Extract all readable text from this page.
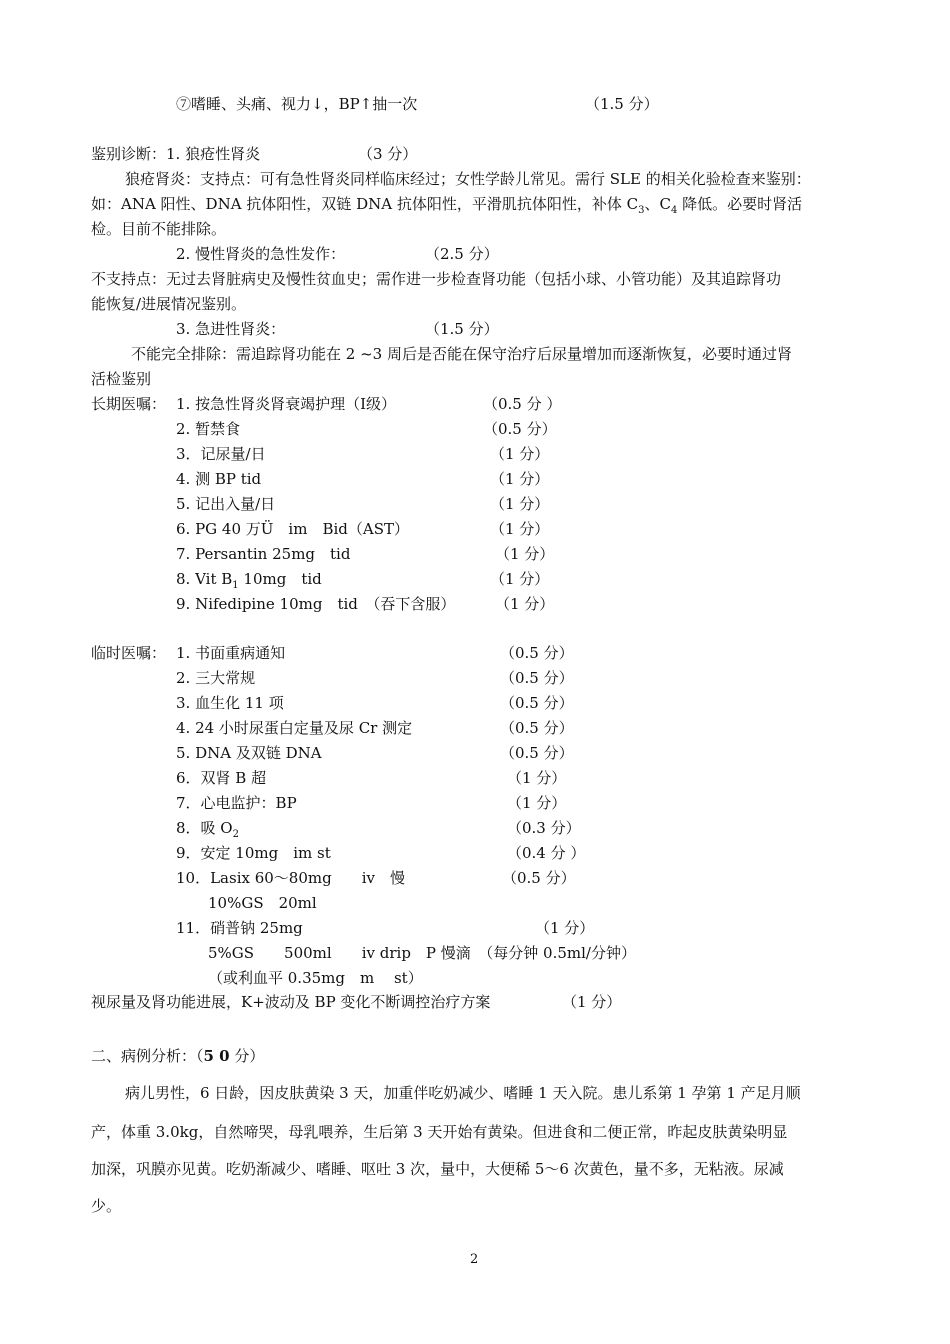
⑦嗜睡、头痛、视力↓，BP↑抽一次	（1.5 分）
鉴别诊断：1. 狼疮性肾炎	（3 分）
狼疮肾炎：支持点：可有急性肾炎同样临床经过；女性学龄儿常见。需行 SLE 的相关化验检查来鉴别：
如：ANA 阳性、DNA 抗体阳性，双链 DNA 抗体阳性，平滑肌抗体阳性，补体 $C_3$、$C_4$ 降低。必要时肾活
检。目前不能排除。
2. 慢性肾炎的急性发作：	（2.5 分）
不支持点：无过去肾脏病史及慢性贫血史；需作进一步检查肾功能（包括小球、小管功能）及其追踪肾功
能恢复/进展情况鉴别。
3. 急进性肾炎：	（1.5 分）
不能完全排除：需追踪肾功能在 2 ~3 周后是否能在保守治疗后尿量增加而逐渐恢复，必要时通过肾
活检鉴别
长期医嘱： 1. 按急性肾炎肾衰竭护理（Ⅰ级）	（0.5 分 ）
2. 暂禁食	（0.5 分）
3．记尿量/日	（1 分）
4. 测 BP tid	（1 分）
5. 记出入量/日	（1 分）
6. PG 40 万Ü　im　Bid（AST）	（1 分）
7. Persantin 25mg　tid	（1 分）
8. Vit $B_1$ 10mg　tid	（1 分）
9. Nifedipine 10mg　tid　（吞下含服）	（1 分）
临时医嘱： 1. 书面重病通知	（0.5 分）
2. 三大常规	（0.5 分）
3. 血生化 11 项	（0.5 分）
4. 24 小时尿蛋白定量及尿 Cr 测定	（0.5 分）
5. DNA 及双链 DNA	（0.5 分）
6．双肾 B 超	（1 分）
7．心电监护：BP	（1 分）
8．吸 $O_2$	（0.3 分）
9．安定 10mg　im st	（0.4 分 ）
10．Lasix 60～80mg　　iv　慢	（0.5 分）
10%GS　20ml
11．硝普钠 25mg	（1 分）
5%GS　　500ml　　iv drip　P 慢滴　（每分钟 0.5ml/分钟）
（或利血平 0.35mg　m　 st）
视尿量及肾功能进展，K+波动及 BP 变化不断调控治疗方案	（1 分）
二、病例分析：（5 0 分）
病儿男性，6 日龄，因皮肤黄染 3 天，加重伴吃奶减少、嗜睡 1 天入院。患儿系第 1 孕第 1 产足月顺
产，体重 3.0kg，自然啼哭，母乳喂养，生后第 3 天开始有黄染。但进食和二便正常，昨起皮肤黄染明显
加深，巩膜亦见黄。吃奶渐减少、嗜睡、呕吐 3 次，量中，大便稀 5～6 次黄色，量不多，无粘液。尿减
少。
2
